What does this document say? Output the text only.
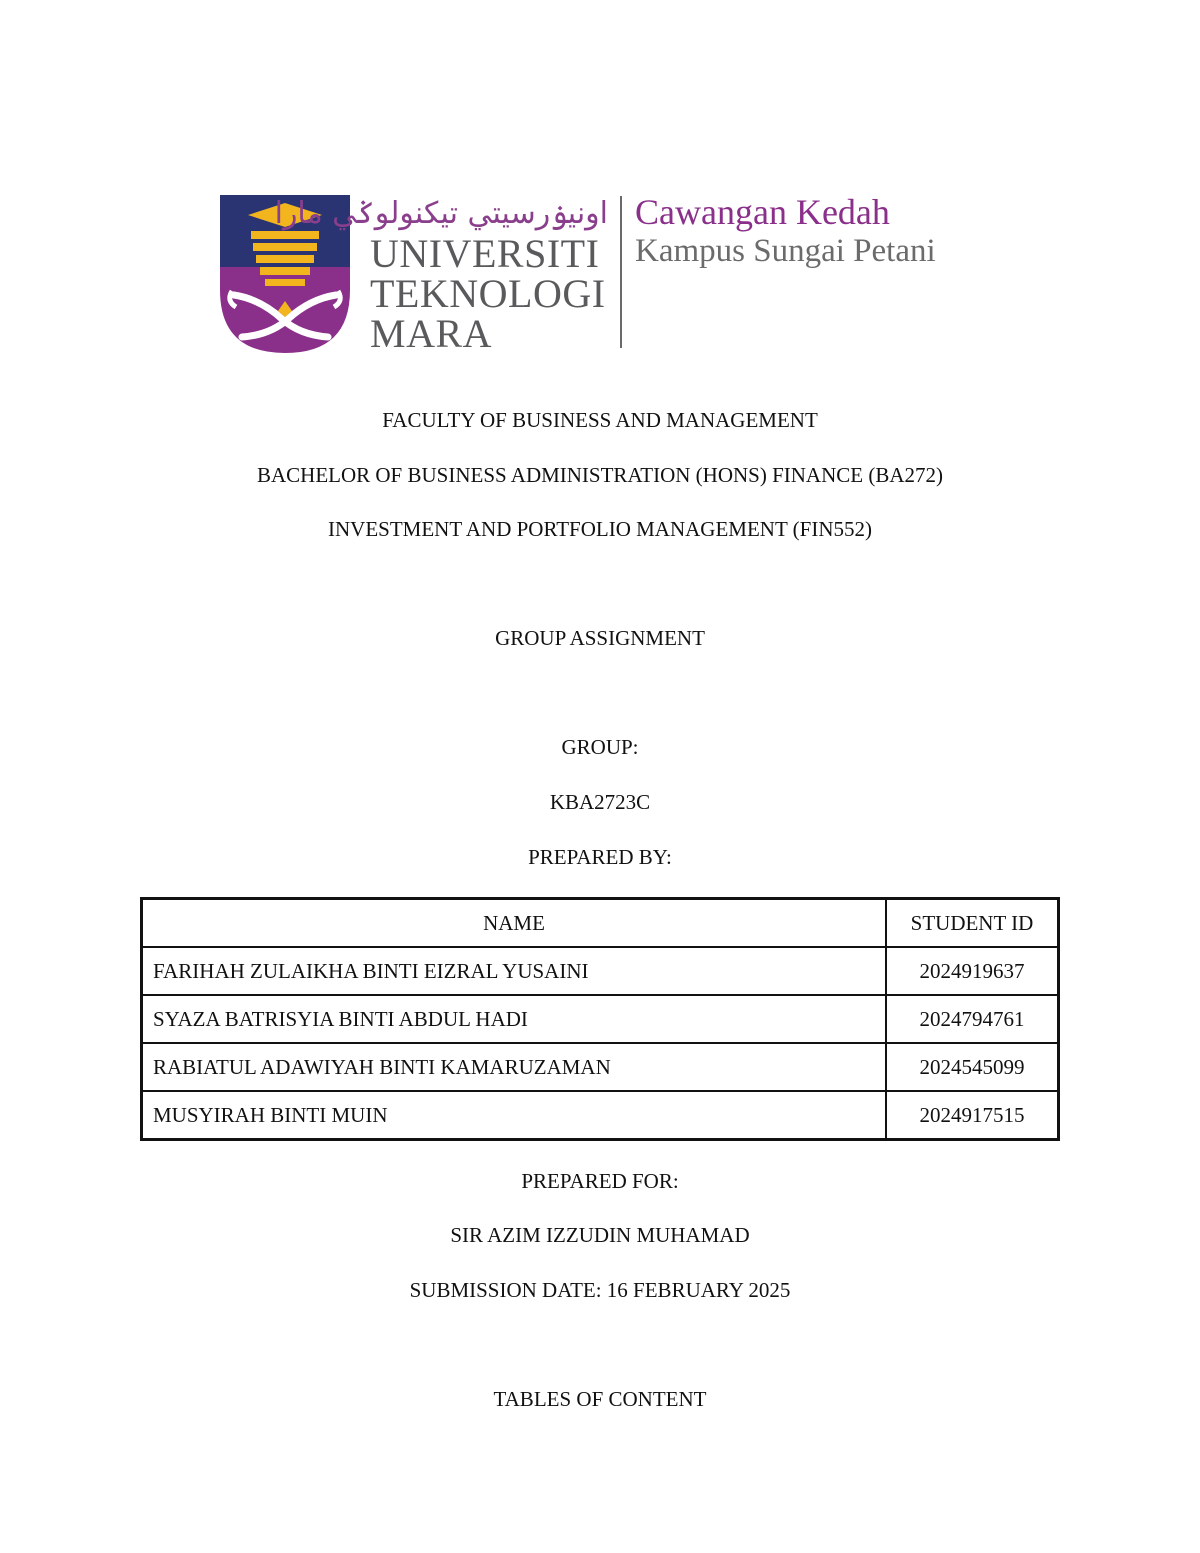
اونيۏرسيتي تيکنولوݢي مارا
UNIVERSITI
TEKNOLOGI
MARA
Cawangan Kedah
Kampus Sungai Petani
FACULTY OF BUSINESS AND MANAGEMENT
BACHELOR OF BUSINESS ADMINISTRATION (HONS) FINANCE (BA272)
INVESTMENT AND PORTFOLIO MANAGEMENT (FIN552)
GROUP ASSIGNMENT
GROUP:
KBA2723C
PREPARED BY:
NAME	STUDENT ID
FARIHAH ZULAIKHA BINTI EIZRAL YUSAINI	2024919637
SYAZA BATRISYIA BINTI ABDUL HADI	2024794761
RABIATUL ADAWIYAH BINTI KAMARUZAMAN	2024545099
MUSYIRAH BINTI MUIN	2024917515
PREPARED FOR:
SIR AZIM IZZUDIN MUHAMAD
SUBMISSION DATE: 16 FEBRUARY 2025
TABLES OF CONTENT
